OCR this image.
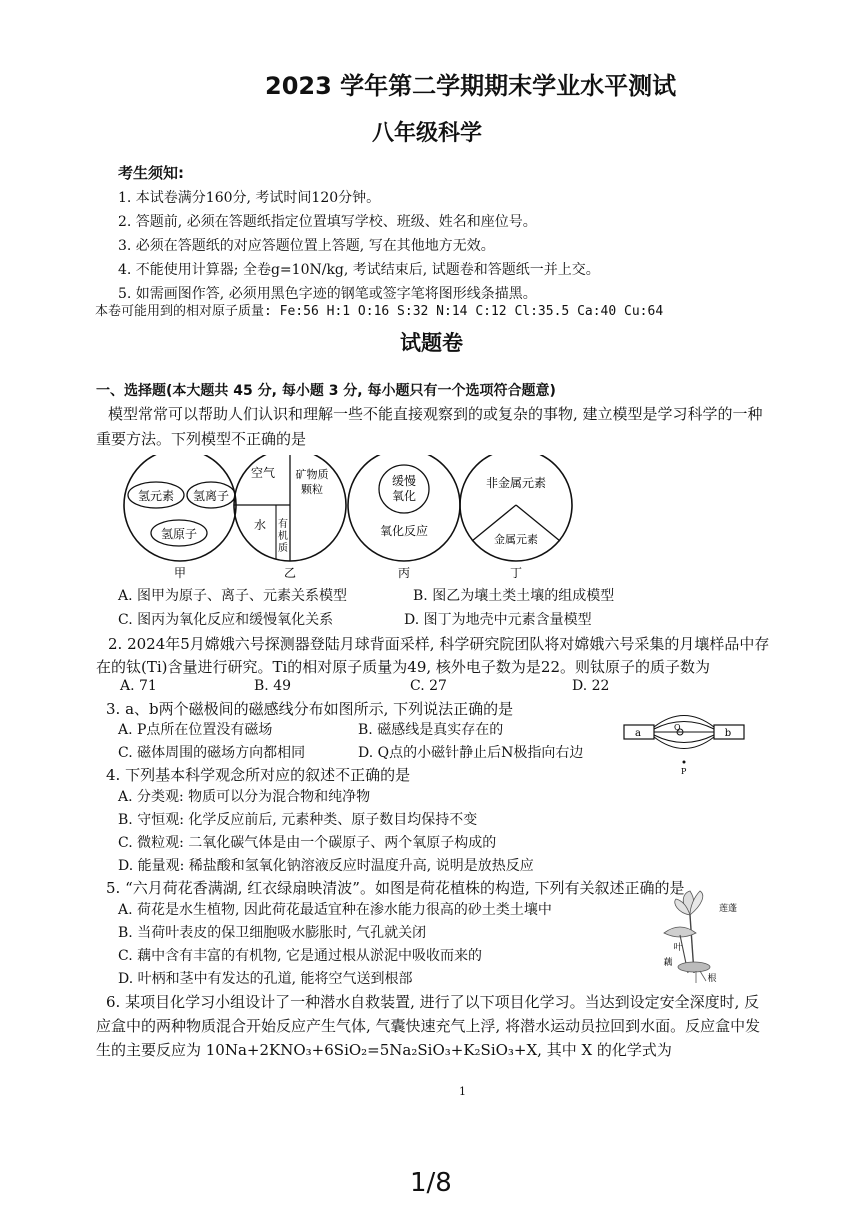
2023 学年第二学期期末学业水平测试
八年级科学
考生须知:
1. 本试卷满分160分, 考试时间120分钟。
2. 答题前, 必须在答题纸指定位置填写学校、班级、姓名和座位号。
3. 必须在答题纸的对应答题位置上答题, 写在其他地方无效。
4. 不能使用计算器; 全卷g=10N/kg, 考试结束后, 试题卷和答题纸一并上交。
5. 如需画图作答, 必须用黑色字迹的钢笔或签字笔将图形线条描黑。
本卷可能用到的相对原子质量: Fe:56 H:1 O:16 S:32 N:14 C:12 Cl:35.5 Ca:40 Cu:64
试题卷
一、选择题(本大题共 45 分, 每小题 3 分, 每小题只有一个选项符合题意)
模型常常可以帮助人们认识和理解一些不能直接观察到的或复杂的事物, 建立模型是学习科学的一种
重要方法。下列模型不正确的是
氢元素 氢离子
氢原子
甲
空气 矿物质
颗粒
水 有
机
质
乙
缓慢
氧化
氧化反应
丙
非金属元素
金属元素
丁
A. 图甲为原子、离子、元素关系模型	B. 图乙为壤土类土壤的组成模型
C. 图丙为氧化反应和缓慢氧化关系	D. 图丁为地壳中元素含量模型
2. 2024年5月嫦娥六号探测器登陆月球背面采样, 科学研究院团队将对嫦娥六号采集的月壤样品中存
在的钛(Ti)含量进行研究。Ti的相对原子质量为49, 核外电子数为是22。则钛原子的质子数为
A. 71	B. 49	C. 27	D. 22
3. a、b两个磁极间的磁感线分布如图所示, 下列说法正确的是
A. P点所在位置没有磁场	B. 磁感线是真实存在的
C. 磁体周围的磁场方向都相同	D. Q点的小磁针静止后N极指向右边
a	b
Q
P
4. 下列基本科学观念所对应的叙述不正确的是
A. 分类观: 物质可以分为混合物和纯净物
B. 守恒观: 化学反应前后, 元素种类、原子数目均保持不变
C. 微粒观: 二氧化碳气体是由一个碳原子、两个氧原子构成的
D. 能量观: 稀盐酸和氢氧化钠溶液反应时温度升高, 说明是放热反应
5. “六月荷花香满湖, 红衣绿扇映清波”。如图是荷花植株的构造, 下列有关叙述正确的是
A. 荷花是水生植物, 因此荷花最适宜种在渗水能力很高的砂土类土壤中
B. 当荷叶表皮的保卫细胞吸水膨胀时, 气孔就关闭
C. 藕中含有丰富的有机物, 它是通过根从淤泥中吸收而来的
D. 叶柄和茎中有发达的孔道, 能将空气送到根部
莲蓬
叶
藕
根
6. 某项目化学习小组设计了一种潜水自救装置, 进行了以下项目化学习。当达到设定安全深度时, 反
应盒中的两种物质混合开始反应产生气体, 气囊快速充气上浮, 将潜水运动员拉回到水面。反应盒中发
生的主要反应为 10Na+2KNO₃+6SiO₂=5Na₂SiO₃+K₂SiO₃+X, 其中 X 的化学式为
1
1/8
